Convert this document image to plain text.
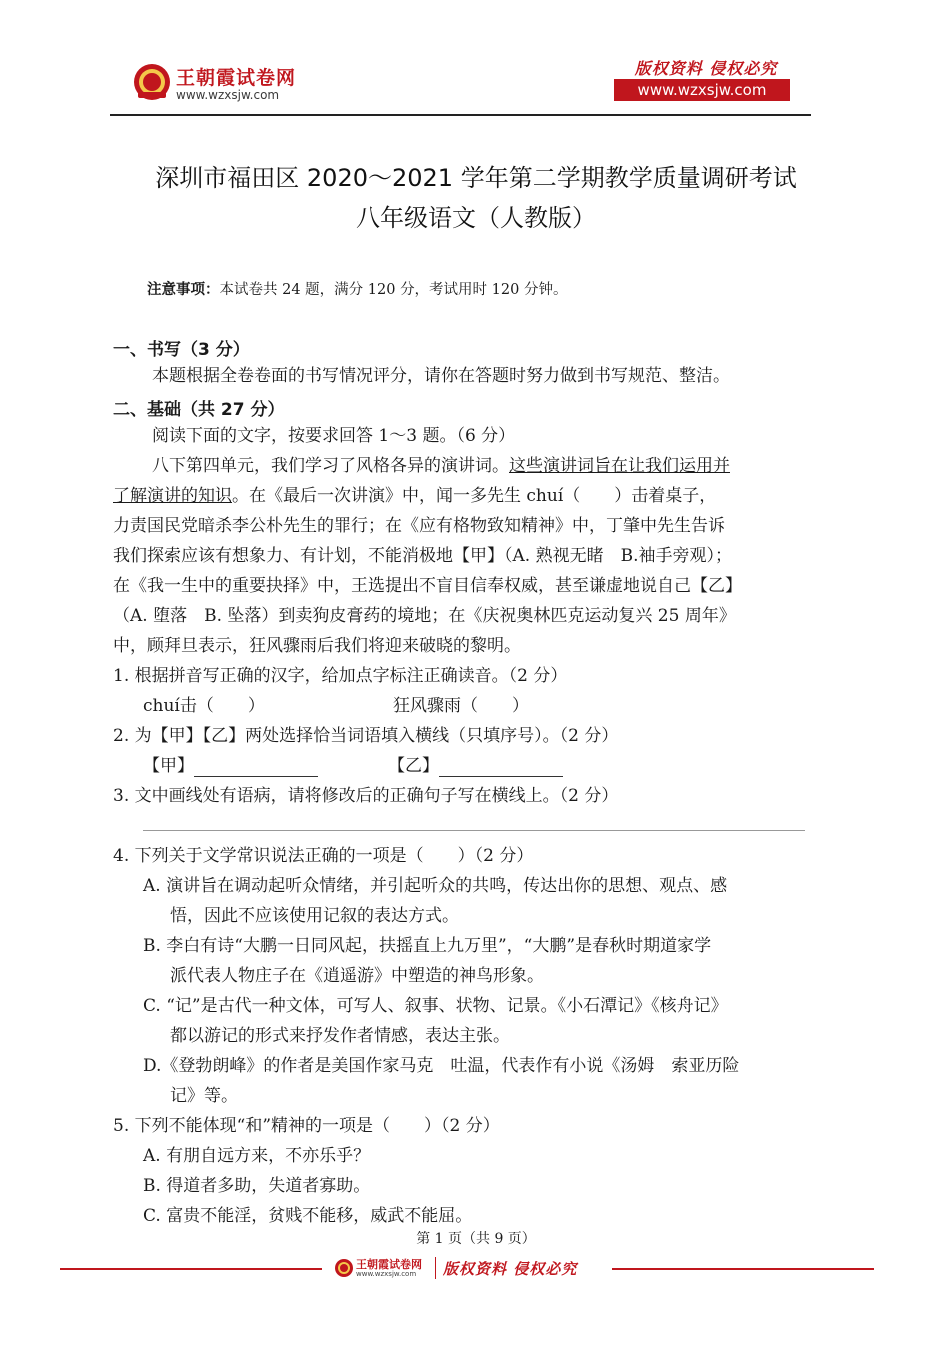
王朝霞试卷网
www.wzxsjw.com
版权资料 侵权必究
www.wzxsjw.com
深圳市福田区 2020～2021 学年第二学期教学质量调研考试
八年级语文（人教版）
注意事项：本试卷共 24 题，满分 120 分，考试用时 120 分钟。
一、书写（3 分）
本题根据全卷卷面的书写情况评分，请你在答题时努力做到书写规范、整洁。
二、基础（共 27 分）
阅读下面的文字，按要求回答 1～3 题。（6 分）
八下第四单元，我们学习了风格各异的演讲词。这些演讲词旨在让我们运用并
了解演讲的知识。在《最后一次讲演》中，闻一多先生 chuí（　　）击着桌子，
力责国民党暗杀李公朴先生的罪行；在《应有格物致知精神》中，丁肇中先生告诉
我们探索应该有想象力、有计划，不能消极地【甲】（A. 熟视无睹　B.袖手旁观）；
在《我一生中的重要抉择》中，王选提出不盲目信奉权威，甚至谦虚地说自己【乙】
（A. 堕落　B. 坠落）到卖狗皮膏药的境地；在《庆祝奥林匹克运动复兴 25 周年》
中，顾拜旦表示，狂风骤雨后我们将迎来破晓的黎明。
1. 根据拼音写正确的汉字，给加点字标注正确读音。（2 分）
chuí击（　　）	狂风骤雨（　　）
2. 为【甲】【乙】两处选择恰当词语填入横线（只填序号）。（2 分）
【甲】	【乙】
3. 文中画线处有语病，请将修改后的正确句子写在横线上。（2 分）
4. 下列关于文学常识说法正确的一项是（　　）（2 分）
A. 演讲旨在调动起听众情绪，并引起听众的共鸣，传达出你的思想、观点、感
悟，因此不应该使用记叙的表达方式。
B. 李白有诗“大鹏一日同风起，扶摇直上九万里”，“大鹏”是春秋时期道家学
派代表人物庄子在《逍遥游》中塑造的神鸟形象。
C. “记”是古代一种文体，可写人、叙事、状物、记景。《小石潭记》《核舟记》
都以游记的形式来抒发作者情感，表达主张。
D.《登勃朗峰》的作者是美国作家马克　吐温，代表作有小说《汤姆　索亚历险
记》等。
5. 下列不能体现“和”精神的一项是（　　）（2 分）
A. 有朋自远方来，不亦乐乎？
B. 得道者多助，失道者寡助。
C. 富贵不能淫，贫贱不能移，威武不能屈。
第 1 页（共 9 页）
王朝霞试卷网
www.wzxsjw.com 版权资料 侵权必究
